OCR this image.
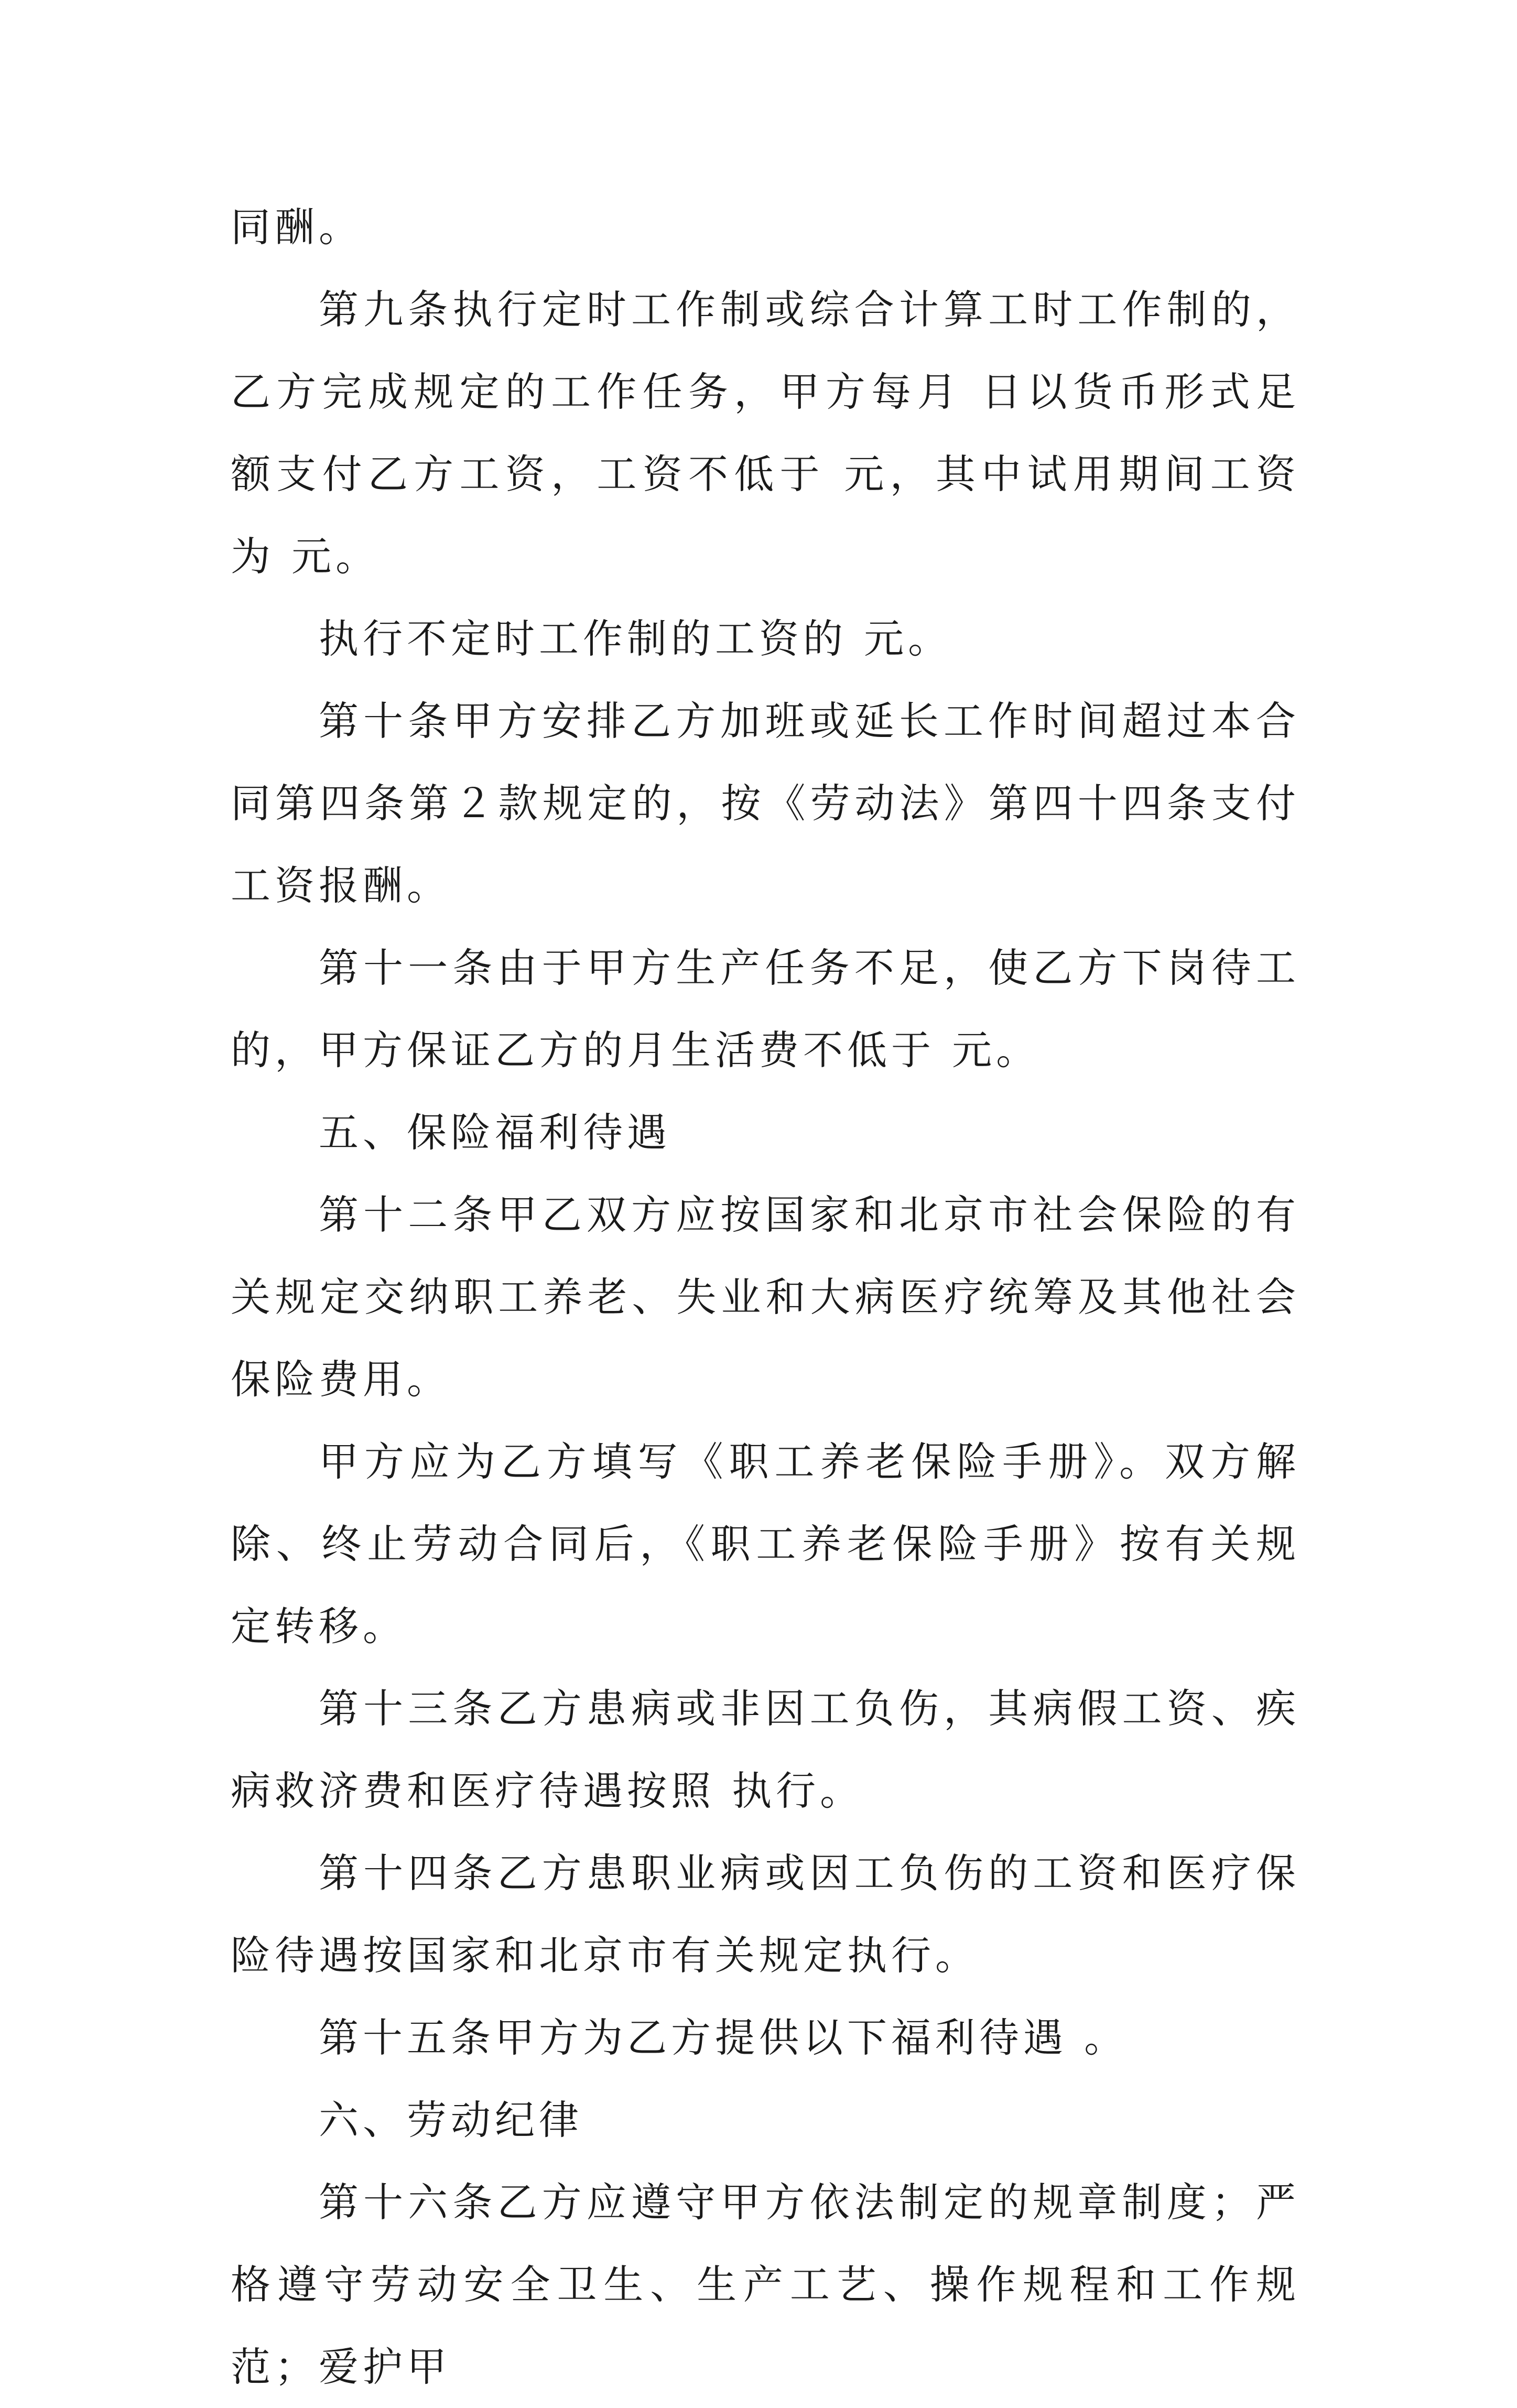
同酬。

第九条执行定时工作制或综合计算工时工作制的，乙方完成规定的工作任务，甲方每月 日以货币形式足额支付乙方工资，工资不低于 元，其中试用期间工资为 元。

执行不定时工作制的工资的 元。

第十条甲方安排乙方加班或延长工作时间超过本合同第四条第２款规定的，按《劳动法》第四十四条支付工资报酬。

第十一条由于甲方生产任务不足，使乙方下岗待工的，甲方保证乙方的月生活费不低于 元。

五、保险福利待遇

第十二条甲乙双方应按国家和北京市社会保险的有关规定交纳职工养老、失业和大病医疗统筹及其他社会保险费用。

甲方应为乙方填写《职工养老保险手册》。双方解除、终止劳动合同后，《职工养老保险手册》按有关规定转移。

第十三条乙方患病或非因工负伤，其病假工资、疾病救济费和医疗待遇按照 执行。

第十四条乙方患职业病或因工负伤的工资和医疗保险待遇按国家和北京市有关规定执行。

第十五条甲方为乙方提供以下福利待遇 。

六、劳动纪律

第十六条乙方应遵守甲方依法制定的规章制度；严格遵守劳动安全卫生、生产工艺、操作规程和工作规范；爱护甲
